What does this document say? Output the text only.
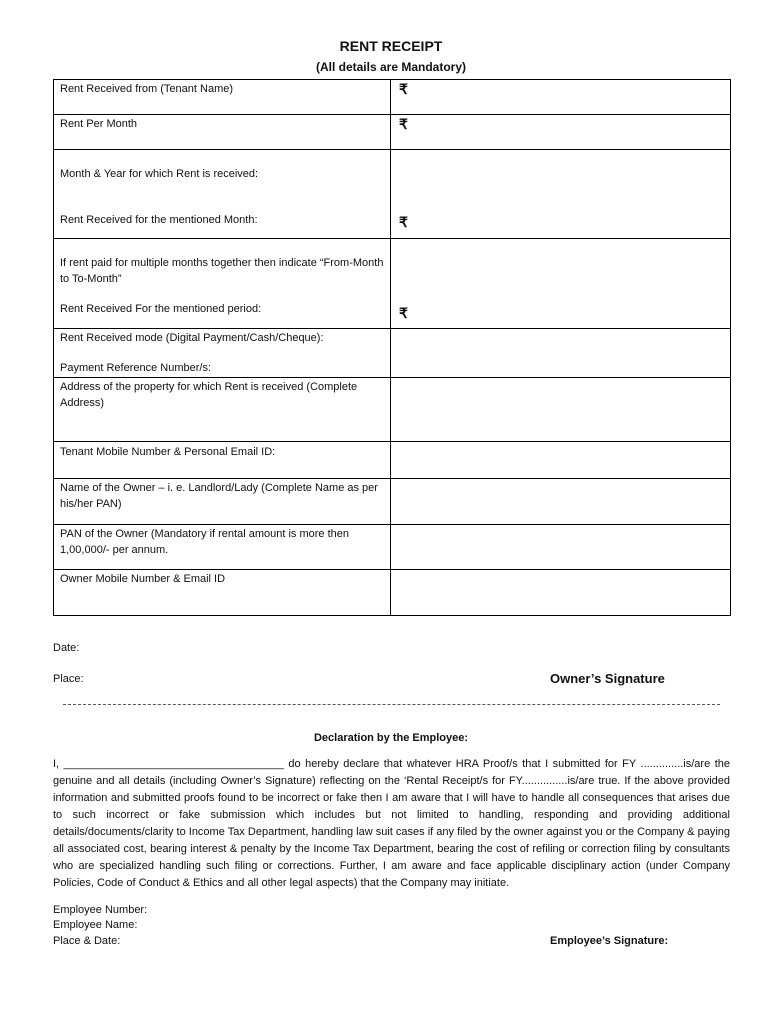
RENT RECEIPT
(All details are Mandatory)
Rent Received from (Tenant Name)	₹

Rent Per Month	₹

Month & Year for which Rent is received:
Rent Received for the mentioned Month:	₹

If rent paid for multiple months together then indicate “From-Month to To-Month”
Rent Received For the mentioned period:	₹

Rent Received mode (Digital Payment/Cash/Cheque):
Payment Reference Number/s:	

Address of the property for which Rent is received (Complete Address)	
Tenant Mobile Number & Personal Email ID:	
Name of the Owner – i. e. Landlord/Lady (Complete Name as per his/her PAN)	
PAN of the Owner (Mandatory if rental amount is more then 1,00,000/- per annum.	
Owner Mobile Number & Email ID	
Date:
Place:	Owner’s Signature
Declaration by the Employee:
I, ____________________________________ do hereby declare that whatever HRA Proof/s that I submitted for FY ..............is/are the genuine and all details (including Owner’s Signature) reflecting on the ‘Rental Receipt/s for FY...............is/are true. If the above provided information and submitted proofs found to be incorrect or fake then I am aware that I will have to handle all consequences that arises due to such incorrect or fake submission which includes but not limited to handling, responding and providing additional details/documents/clarity to Income Tax Department, handling law suit cases if any filed by the owner against you or the Company & paying all associated cost, bearing interest & penalty by the Income Tax Department, bearing the cost of refiling or correction filing by consultants who are specialized handling such filing or corrections. Further, I am aware and face applicable disciplinary action (under Company Policies, Code of Conduct & Ethics and all other legal aspects) that the Company may initiate.
Employee Number:
Employee Name:
Place & Date:	Employee’s Signature:
